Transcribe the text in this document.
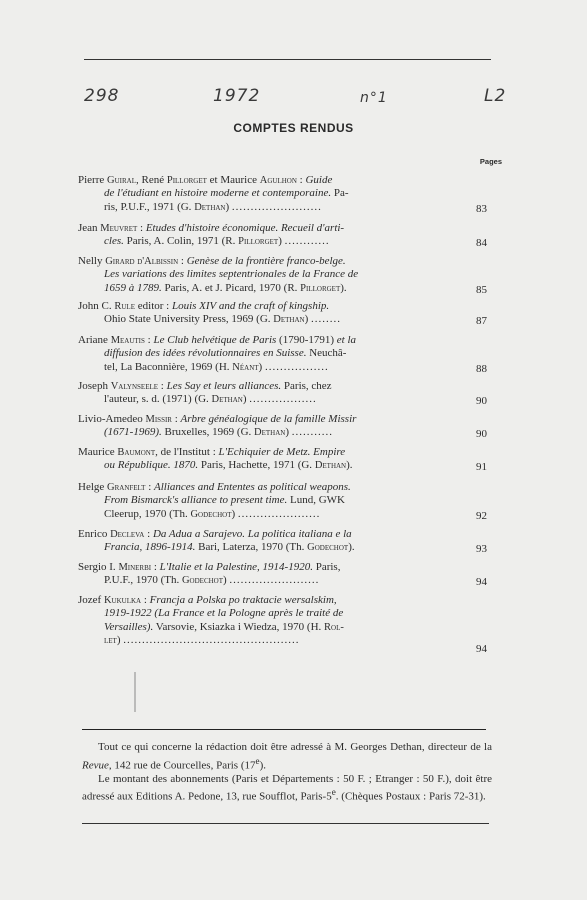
298	1972	n°1	L2
COMPTES RENDUS
Pages
Pierre Guiral, René Pillorget et Maurice Agulhon : Guide
de l'étudiant en histoire moderne et contemporaine. Pa-
ris, P.U.F., 1971 (G. Dethan) ........................	83
Jean Meuvret : Etudes d'histoire économique. Recueil d'arti-
cles. Paris, A. Colin, 1971 (R. Pillorget) ............	84
Nelly Girard d'Albissin : Genèse de la frontière franco-belge.
Les variations des limites septentrionales de la France de
1659 à 1789. Paris, A. et J. Picard, 1970 (R. Pillorget).	85
John C. Rule editor : Louis XIV and the craft of kingship.
Ohio State University Press, 1969 (G. Dethan) ........	87
Ariane Meautis : Le Club helvétique de Paris (1790-1791) et la
diffusion des idées révolutionnaires en Suisse. Neuchâ-
tel, La Baconnière, 1969 (H. Néant) .................	88
Joseph Valynseele : Les Say et leurs alliances. Paris, chez
l'auteur, s. d. (1971) (G. Dethan) ..................	90
Livio-Amedeo Missir : Arbre généalogique de la famille Missir
(1671-1969). Bruxelles, 1969 (G. Dethan) ...........	90
Maurice Baumont, de l'Institut : L'Echiquier de Metz. Empire
ou République. 1870. Paris, Hachette, 1971 (G. Dethan).	91
Helge Granfelt : Alliances and Ententes as political weapons.
From Bismarck's alliance to present time. Lund, GWK
Cleerup, 1970 (Th. Godechot) ......................	92
Enrico Decleva : Da Adua a Sarajevo. La politica italiana e la
Francia, 1896-1914. Bari, Laterza, 1970 (Th. Godechot).	93
Sergio I. Minerbi : L'Italie et la Palestine, 1914-1920. Paris,
P.U.F., 1970 (Th. Godechot) ........................	94
Jozef Kukulka : Francja a Polska po traktacie wersalskim,
1919-1922 (La France et la Pologne après le traité de
Versailles). Varsovie, Ksiazka i Wiedza, 1970 (H. Rol-
let) ...............................................
94

Tout ce qui concerne la rédaction doit être adressé à M. Georges Dethan, directeur de la Revue, 142 rue de Courcelles, Paris (17e).

Le montant des abonnements (Paris et Départements : 50 F. ; Etranger : 50 F.), doit être adressé aux Editions A. Pedone, 13, rue Soufflot, Paris-5e. (Chèques Postaux : Paris 72-31).
